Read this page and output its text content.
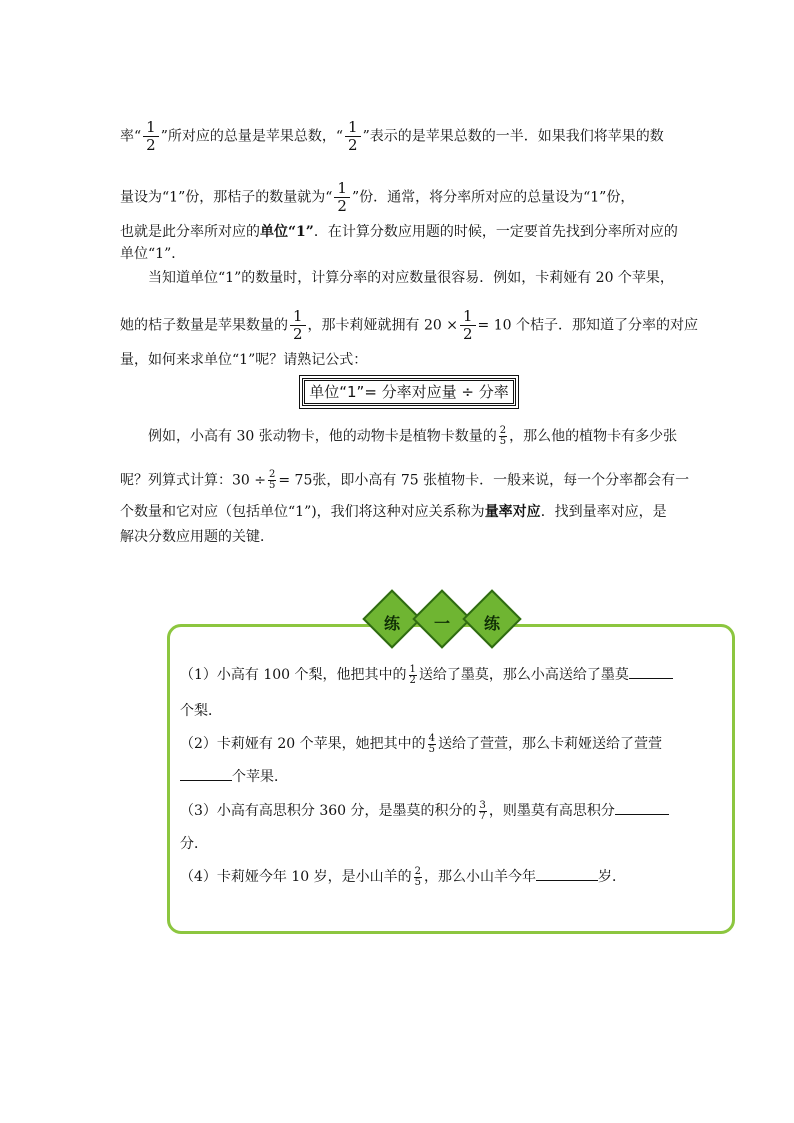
率“ $\frac{1}{2}$ ”所对应的总量是苹果总数，“ $\frac{1}{2}$ ”表示的是苹果总数的一半．如果我们将苹果的数
量设为“1”份，那桔子的数量就为“ $\frac{1}{2}$ ”份．通常，将分率所对应的总量设为“1”份，
也就是此分率所对应的单位“1”．在计算分数应用题的时候，一定要首先找到分率所对应的
单位“1”．
当知道单位“1”的数量时，计算分率的对应数量很容易．例如，卡莉娅有 20 个苹果，
她的桔子数量是苹果数量的 $\frac{1}{2}$ ，那卡莉娅就拥有 $20 \times \frac{1}{2} = 10$ 个桔子．那知道了分率的对应
量，如何来求单位“1”呢？请熟记公式：
单位“1”= 分率对应量 ÷ 分率
例如，小高有 30 张动物卡，他的动物卡是植物卡数量的 $\frac{2}{5}$ ，那么他的植物卡有多少张
呢？列算式计算：$30 \div \frac{2}{5} = 75$张，即小高有 75 张植物卡．一般来说，每一个分率都会有一
个数量和它对应（包括单位“1”)，我们将这种对应关系称为量率对应．找到量率对应，是
解决分数应用题的关键．
练	一	练
（1）小高有 100 个梨，他把其中的 $\frac{1}{2}$ 送给了墨莫，那么小高送给了墨莫
个梨．
（2）卡莉娅有 20 个苹果，她把其中的 $\frac{4}{5}$ 送给了萱萱，那么卡莉娅送给了萱萱
个苹果．
（3）小高有高思积分 360 分，是墨莫的积分的 $\frac{3}{7}$ ，则墨莫有高思积分
分．
（4）卡莉娅今年 10 岁，是小山羊的 $\frac{2}{5}$ ，那么小山羊今年	岁．
